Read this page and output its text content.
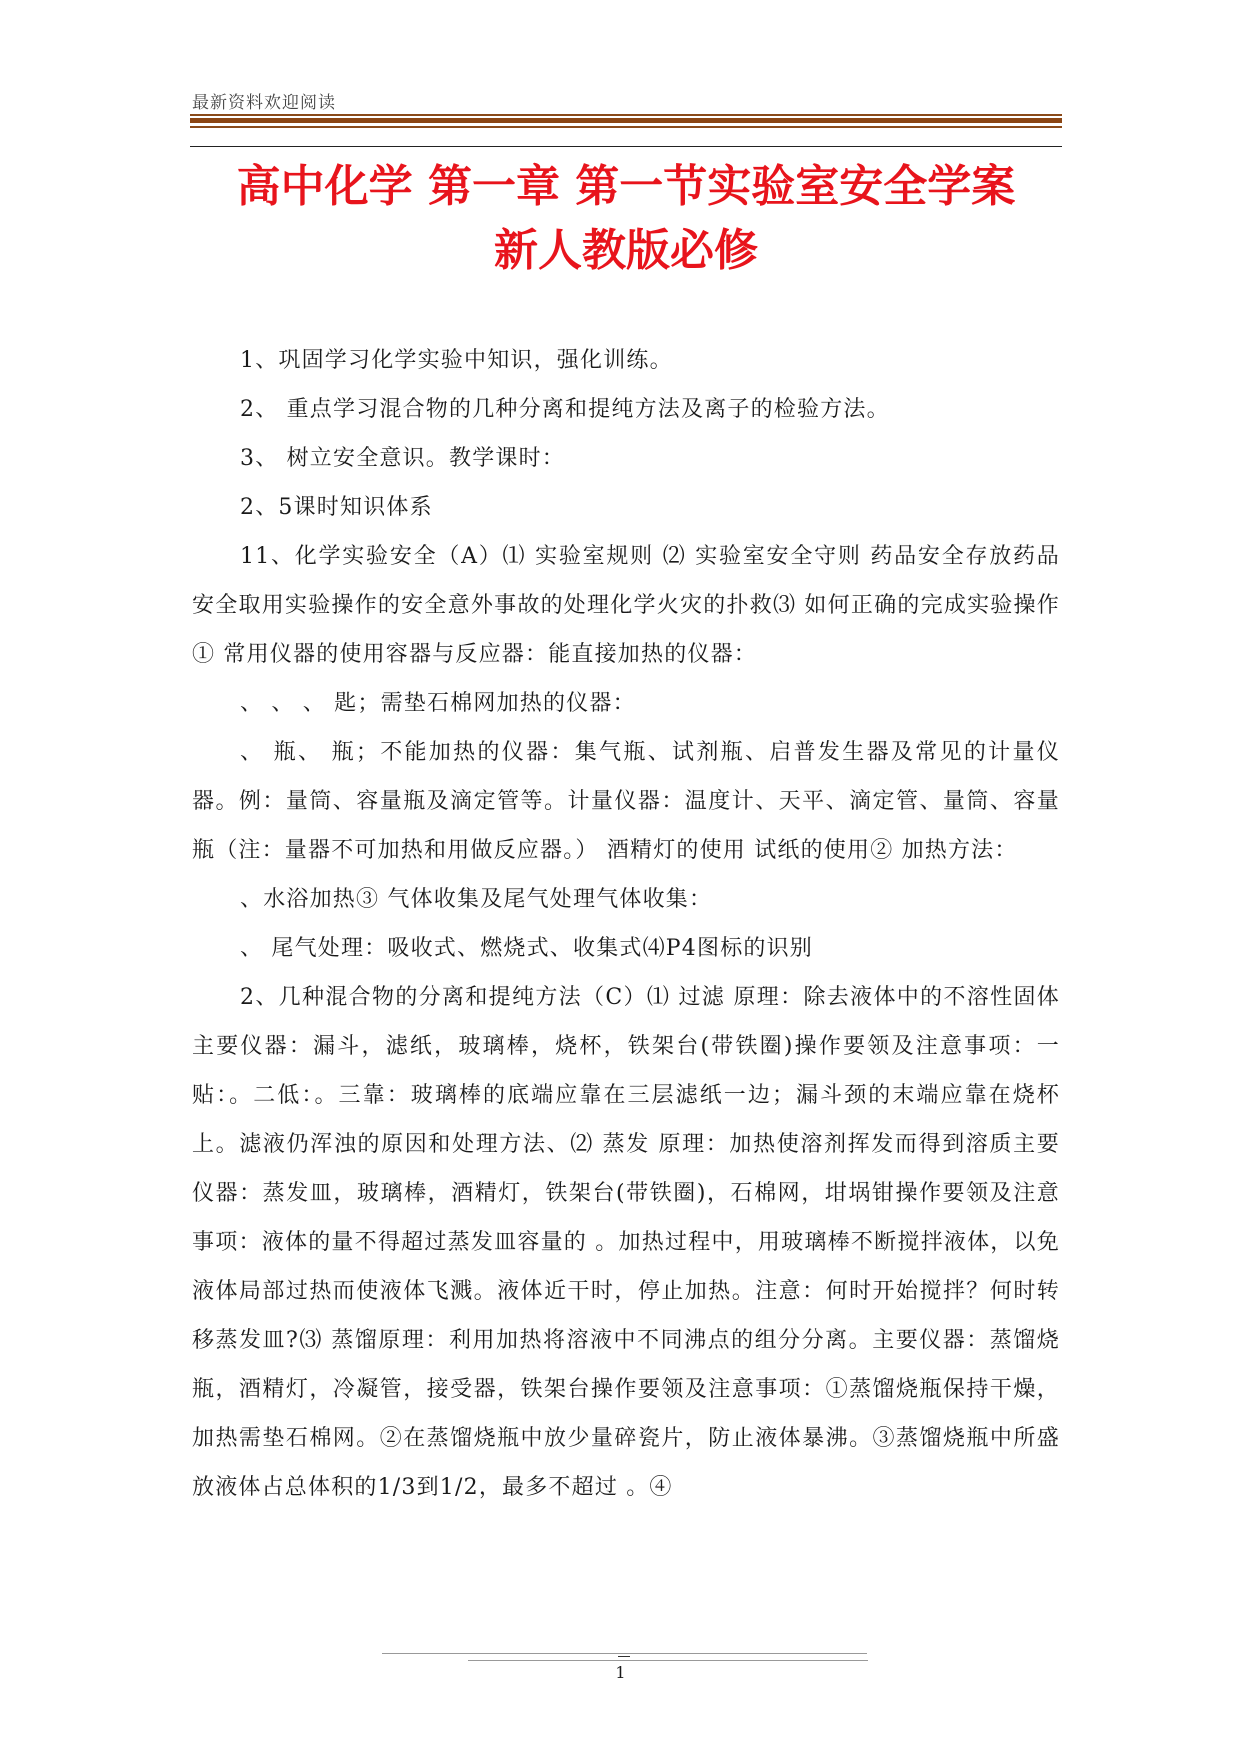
最新资料欢迎阅读
高中化学 第一章 第一节实验室安全学案
新人教版必修

1、巩固学习化学实验中知识，强化训练。

2、 重点学习混合物的几种分离和提纯方法及离子的检验方法。

3、 树立安全意识。教学课时：

2、5课时知识体系

11、化学实验安全（A）⑴ 实验室规则 ⑵ 实验室安全守则 药品安全存放药品安全取用实验操作的安全意外事故的处理化学火灾的扑救⑶ 如何正确的完成实验操作① 常用仪器的使用容器与反应器：能直接加热的仪器：

、 、 、 匙；需垫石棉网加热的仪器：

、 瓶、 瓶；不能加热的仪器：集气瓶、试剂瓶、启普发生器及常见的计量仪器。例：量筒、容量瓶及滴定管等。计量仪器：温度计、天平、滴定管、量筒、容量瓶（注：量器不可加热和用做反应器。） 酒精灯的使用 试纸的使用② 加热方法：

、水浴加热③ 气体收集及尾气处理气体收集：

、 尾气处理：吸收式、燃烧式、收集式⑷P4图标的识别

2、几种混合物的分离和提纯方法（C）⑴ 过滤 原理：除去液体中的不溶性固体主要仪器：漏斗，滤纸，玻璃棒，烧杯，铁架台(带铁圈)操作要领及注意事项：一贴：。二低：。三靠：玻璃棒的底端应靠在三层滤纸一边；漏斗颈的末端应靠在烧杯上。滤液仍浑浊的原因和处理方法、⑵ 蒸发 原理：加热使溶剂挥发而得到溶质主要仪器：蒸发皿，玻璃棒，酒精灯，铁架台(带铁圈)，石棉网，坩埚钳操作要领及注意事项：液体的量不得超过蒸发皿容量的 。加热过程中，用玻璃棒不断搅拌液体，以免液体局部过热而使液体飞溅。液体近干时，停止加热。注意：何时开始搅拌？何时转移蒸发皿?⑶ 蒸馏原理：利用加热将溶液中不同沸点的组分分离。主要仪器：蒸馏烧瓶，酒精灯，冷凝管，接受器，铁架台操作要领及注意事项：①蒸馏烧瓶保持干燥，加热需垫石棉网。②在蒸馏烧瓶中放少量碎瓷片，防止液体暴沸。③蒸馏烧瓶中所盛放液体占总体积的1/3到1/2，最多不超过 。④

1
